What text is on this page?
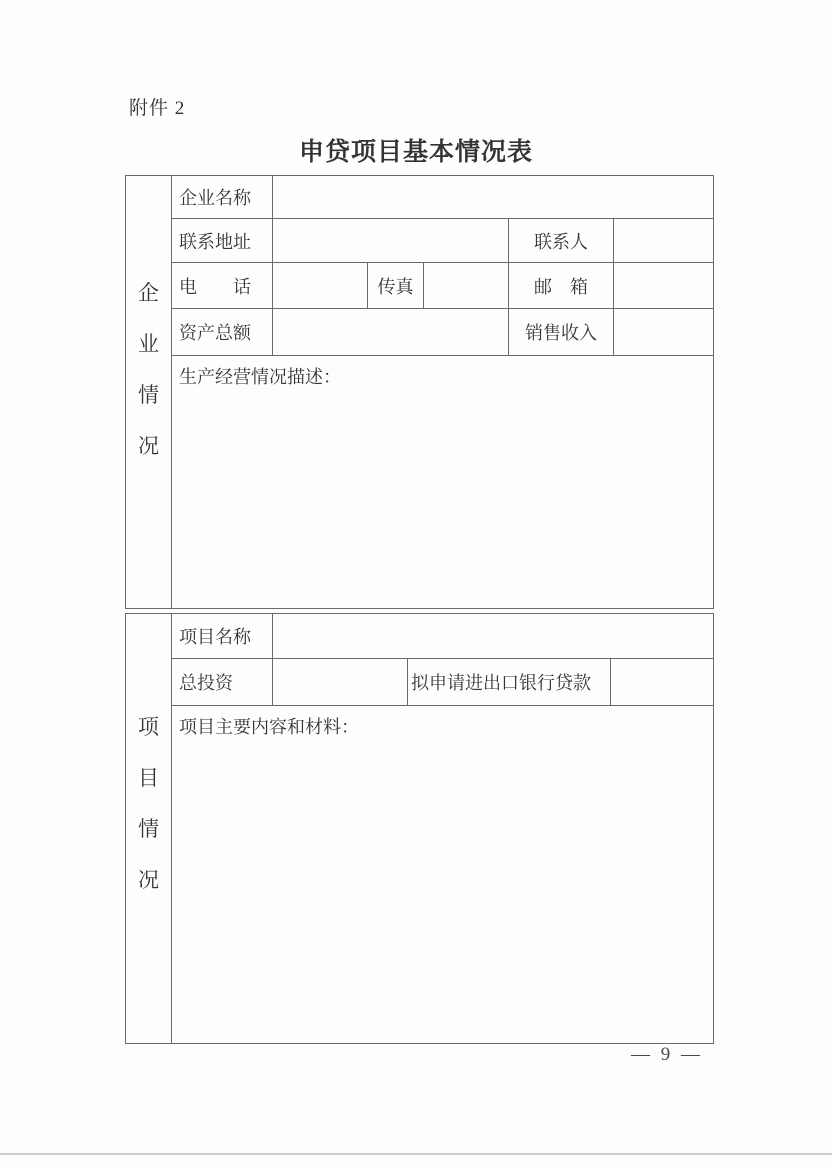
附件 2
申贷项目基本情况表
企
业
情
况
企业名称
联系地址	联系人
电　　话	传真	邮　箱
资产总额	销售收入
生产经营情况描述：
项
目
情
况
项目名称
总投资	拟申请进出口银行贷款
项目主要内容和材料：
— 9 —
